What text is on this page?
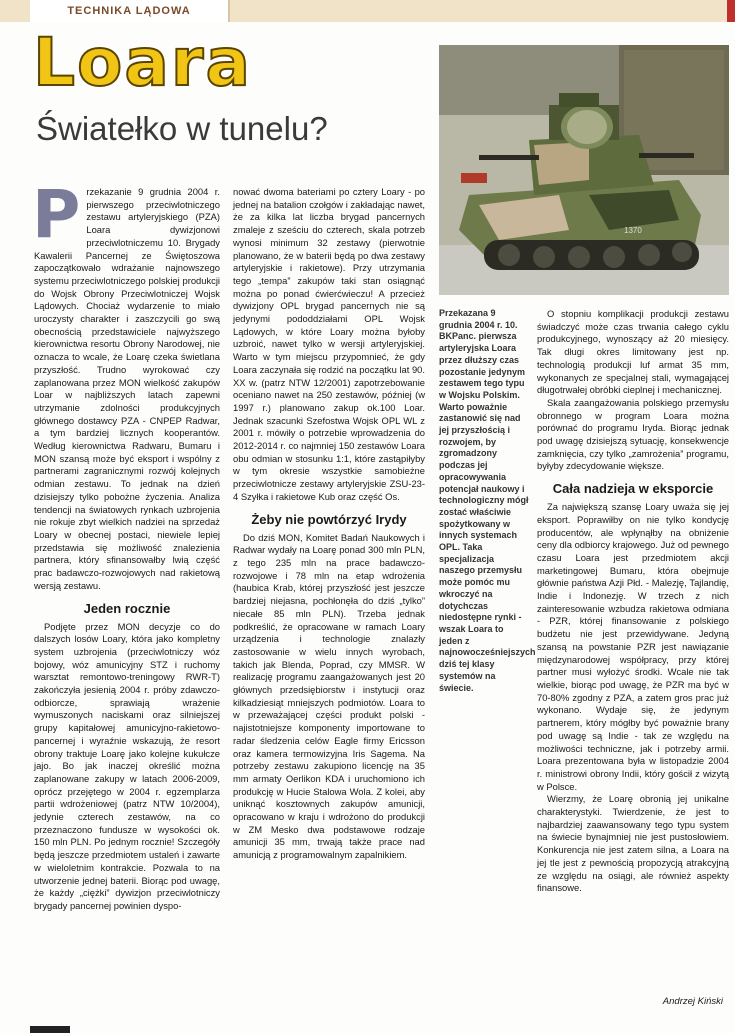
TECHNIKA LĄDOWA
Loara
Światełko w tunelu?
1370
Przekazana 9 grudnia 2004 r. 10. BKPanc. pierwsza artyleryjska Loara przez dłuższy czas pozostanie jedynym zestawem tego typu w Wojsku Polskim. Warto poważnie zastanowić się nad jej przyszłością i rozwojem, by zgromadzony podczas jej opracowywania potencjał naukowy i technologiczny mógł zostać właściwie spożytkowany w innych systemach OPL. Taka specjalizacja naszego przemysłu może pomóc mu wkroczyć na dotychczas niedostępne rynki - wszak Loara to jeden z najnowocześniejszych dziś tej klasy systemów na świecie.

Przekazanie 9 grudnia 2004 r. pierwszego przeciwlotniczego zestawu artyleryjskiego (PZA) Loara dywizjonowi przeciwlotniczemu 10. Brygady Kawalerii Pancernej ze Świętoszowa zapoczątkowało wdrażanie najnowszego systemu przeciwlotniczego polskiej produkcji do Wojsk Obrony Przeciwlotniczej Wojsk Lądowych. Chociaż wydarzenie to miało uroczysty charakter i zaszczycili go swą obecnością przedstawiciele najwyższego kierownictwa resortu Obrony Narodowej, nie oznacza to wcale, że Loarę czeka świetlana przyszłość. Trudno wyrokować czy zaplanowana przez MON wielkość zakupów Loar w najbliższych latach zapewni utrzymanie zdolności produkcyjnych głównego dostawcy PZA - CNPEP Radwar, a tym bardziej licznych kooperantów. Według kierownictwa Radwaru, Bumaru i MON szansą może być eksport i wspólny z partnerami zagranicznymi rozwój kolejnych odmian zestawu. To jednak na dzień dzisiejszy tylko pobożne życzenia. Analiza tendencji na światowych rynkach uzbrojenia nie rokuje zbyt wielkich nadziei na sprzedaż Loary w obecnej postaci, niewiele lepiej przedstawia się możliwość znalezienia partnera, który sfinansowałby lwią część prac badawczo-rozwojowych nad rakietową wersją zestawu.

Jeden rocznie

Podjęte przez MON decyzje co do dalszych losów Loary, która jako kompletny system uzbrojenia (przeciwlotniczy wóz bojowy, wóz amunicyjny STZ i ruchomy warsztat remontowo-treningowy RWR-T) zakończyła jesienią 2004 r. próby zdawczo-odbiorcze, sprawiają wrażenie wymuszonych naciskami oraz silniejszej grupy kapitałowej amunicyjno-rakietowo-pancernej i wyraźnie wskazują, że resort obrony traktuje Loarę jako kolejne kukułcze jajo. Bo jak inaczej określić można zaplanowane zakupy w latach 2006-2009, oprócz przejętego w 2004 r. egzemplarza partii wdrożeniowej (patrz NTW 10/2004), jedynie czterech zestawów, na co przeznaczono fundusze w wysokości ok. 150 mln PLN. Po jednym rocznie! Szczegóły będą jeszcze przedmiotem ustaleń i zawarte w wieloletnim kontrakcie. Pozwala to na utworzenie jednej baterii. Biorąc pod uwagę, że każdy „ciężki” dywizjon przeciwlotniczy brygady pancernej powinien dyspo-

nować dwoma bateriami po cztery Loary - po jednej na batalion czołgów i zakładając nawet, że za kilka lat liczba brygad pancernych zmaleje z sześciu do czterech, skala potrzeb wynosi minimum 32 zestawy (pierwotnie planowano, że w baterii będą po dwa zestawy artyleryjskie i rakietowe). Przy utrzymania tego „tempa” zakupów taki stan osiągnąć można po ponad ćwierćwieczu! A przecież dywizjony OPL brygad pancernych nie są jedynymi pododdziałami OPL Wojsk Lądowych, w które Loary można byłoby uzbroić, nawet tylko w wersji artyleryjskiej. Warto w tym miejscu przypomnieć, że gdy Loara zaczynała się rodzić na początku lat 90. XX w. (patrz NTW 12/2001) zapotrzebowanie oceniano nawet na 250 zestawów, później (w 1997 r.) planowano zakup ok.100 Loar. Jednak szacunki Szefostwa Wojsk OPL WL z 2001 r. mówiły o potrzebie wprowadzenia do 2012-2014 r. co najmniej 150 zestawów Loara obu odmian w stosunku 1:1, które zastąpiłyby w tym okresie wszystkie samobieżne przeciwlotnicze zestawy artyleryjskie ZSU-23-4 Szyłka i rakietowe Kub oraz część Os.

Żeby nie powtórzyć Irydy

Do dziś MON, Komitet Badań Naukowych i Radwar wydały na Loarę ponad 300 mln PLN, z tego 235 mln na prace badawczo-rozwojowe i 78 mln na etap wdrożenia (haubica Krab, której przyszłość jest jeszcze bardziej niejasna, pochłonęła do dziś „tylko” niecałe 85 mln PLN). Trzeba jednak podkreślić, że opracowane w ramach Loary urządzenia i technologie znalazły zastosowanie w wielu innych wyrobach, takich jak Blenda, Poprad, czy MMSR. W realizację programu zaangażowanych jest 20 głównych przedsiębiorstw i instytucji oraz kilkadziesiąt mniejszych podmiotów. Loara to w przeważającej części produkt polski - najistotniejsze komponenty importowane to radar śledzenia celów Eagle firmy Ericsson oraz kamera termowizyjna Iris Sagema. Na potrzeby zestawu zakupiono licencję na 35 mm armaty Oerlikon KDA i uruchomiono ich produkcję w Hucie Stalowa Wola. Z kolei, aby uniknąć kosztownych zakupów amunicji, opracowano w kraju i wdrożono do produkcji w ZM Mesko dwa podstawowe rodzaje amunicji 35 mm, trwają także prace nad amunicją z programowalnym zapalnikiem.

O stopniu komplikacji produkcji zestawu świadczyć może czas trwania całego cyklu produkcyjnego, wynoszący aż 20 miesięcy. Tak długi okres limitowany jest np. technologią produkcji luf armat 35 mm, wykonanych ze specjalnej stali, wymagającej długotrwałej obróbki cieplnej i mechanicznej.

Skala zaangażowania polskiego przemysłu obronnego w program Loara można porównać do programu Iryda. Biorąc jednak pod uwagę dzisiejszą sytuację, konsekwencje zamknięcia, czy tylko „zamrożenia” programu, byłyby zdecydowanie większe.

Cała nadzieja w eksporcie

Za największą szansę Loary uważa się jej eksport. Poprawiłby on nie tylko kondycję producentów, ale wpłynąłby na obniżenie ceny dla odbiorcy krajowego. Już od pewnego czasu Loara jest przedmiotem akcji marketingowej Bumaru, która obejmuje głównie państwa Azji Płd. - Malezję, Tajlandię, Indie i Indonezję. W trzech z nich zainteresowanie wzbudza rakietowa odmiana - PZR, której finansowanie z polskiego budżetu nie jest przewidywane. Jedyną szansą na powstanie PZR jest nawiązanie międzynarodowej współpracy, przy której partner musi wyłożyć środki. Wcale nie tak wielkie, biorąc pod uwagę, że PZR ma być w 70-80% zgodny z PZA, a zatem gros prac już wykonano. Wydaje się, że jedynym partnerem, który mógłby być poważnie brany pod uwagę są Indie - tak ze względu na możliwości techniczne, jak i potrzeby armii. Loara prezentowana była w listopadzie 2004 r. ministrowi obrony Indii, który gościł z wizytą w Polsce.

Wierzmy, że Loarę obronią jej unikalne charakterystyki. Twierdzenie, że jest to najbardziej zaawansowany tego typu system na świecie bynajmniej nie jest pustosłowiem. Konkurencja nie jest zatem silna, a Loara na jej tle jest z pewnością propozycją atrakcyjną ze względu na osiągi, ale również aspekty finansowe.

Andrzej Kiński
